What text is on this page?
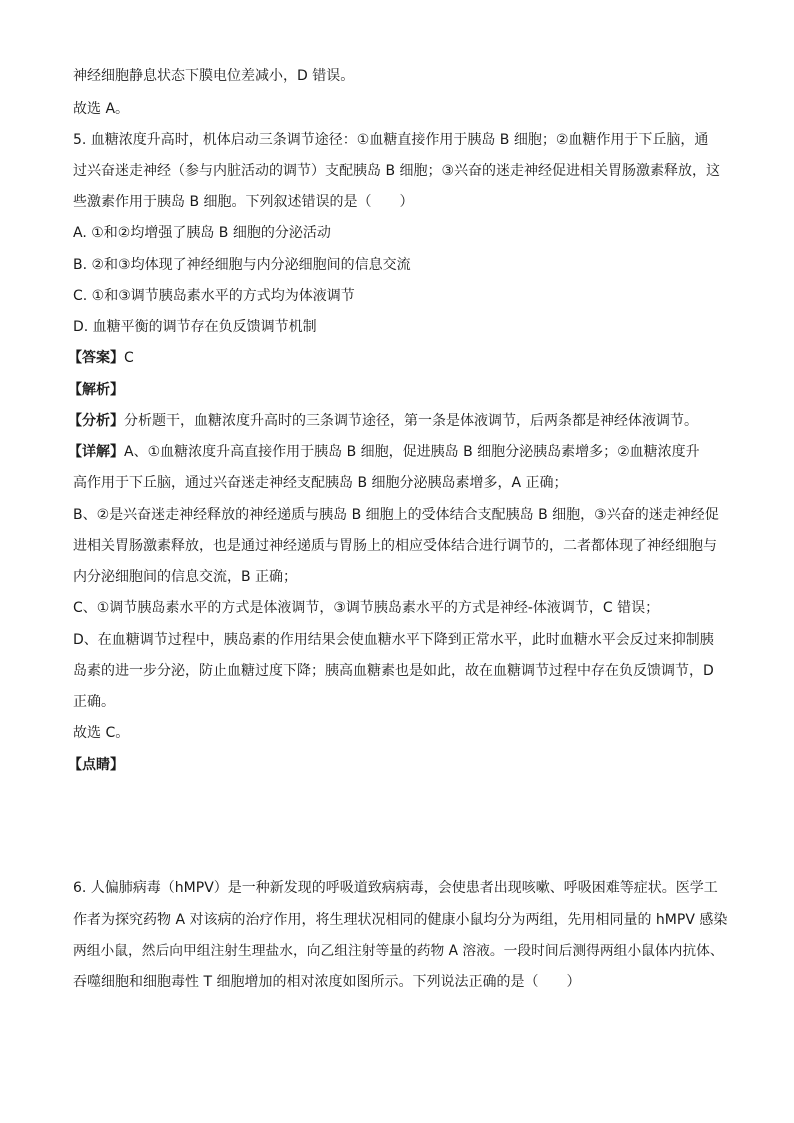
神经细胞静息状态下膜电位差减小，D 错误。
故选 A。
5. 血糖浓度升高时，机体启动三条调节途径：①血糖直接作用于胰岛 B 细胞；②血糖作用于下丘脑，通
过兴奋迷走神经（参与内脏活动的调节）支配胰岛 B 细胞；③兴奋的迷走神经促进相关胃肠激素释放，这
些激素作用于胰岛 B 细胞。下列叙述错误的是（　　）
A. ①和②均增强了胰岛 B 细胞的分泌活动
B. ②和③均体现了神经细胞与内分泌细胞间的信息交流
C. ①和③调节胰岛素水平的方式均为体液调节
D. 血糖平衡的调节存在负反馈调节机制
【答案】C
【解析】
【分析】分析题干，血糖浓度升高时的三条调节途径，第一条是体液调节，后两条都是神经体液调节。
【详解】A、①血糖浓度升高直接作用于胰岛 B 细胞，促进胰岛 B 细胞分泌胰岛素增多；②血糖浓度升
高作用于下丘脑，通过兴奋迷走神经支配胰岛 B 细胞分泌胰岛素增多，A 正确；
B、②是兴奋迷走神经释放的神经递质与胰岛 B 细胞上的受体结合支配胰岛 B 细胞，③兴奋的迷走神经促
进相关胃肠激素释放，也是通过神经递质与胃肠上的相应受体结合进行调节的，二者都体现了神经细胞与
内分泌细胞间的信息交流，B 正确；
C、①调节胰岛素水平的方式是体液调节，③调节胰岛素水平的方式是神经-体液调节，C 错误；
D、在血糖调节过程中，胰岛素的作用结果会使血糖水平下降到正常水平，此时血糖水平会反过来抑制胰
岛素的进一步分泌，防止血糖过度下降；胰高血糖素也是如此，故在血糖调节过程中存在负反馈调节，D
正确。
故选 C。
【点睛】
6. 人偏肺病毒（hMPV）是一种新发现的呼吸道致病病毒，会使患者出现咳嗽、呼吸困难等症状。医学工
作者为探究药物 A 对该病的治疗作用，将生理状况相同的健康小鼠均分为两组，先用相同量的 hMPV 感染
两组小鼠，然后向甲组注射生理盐水，向乙组注射等量的药物 A 溶液。一段时间后测得两组小鼠体内抗体、
吞噬细胞和细胞毒性 T 细胞增加的相对浓度如图所示。下列说法正确的是（　　）
